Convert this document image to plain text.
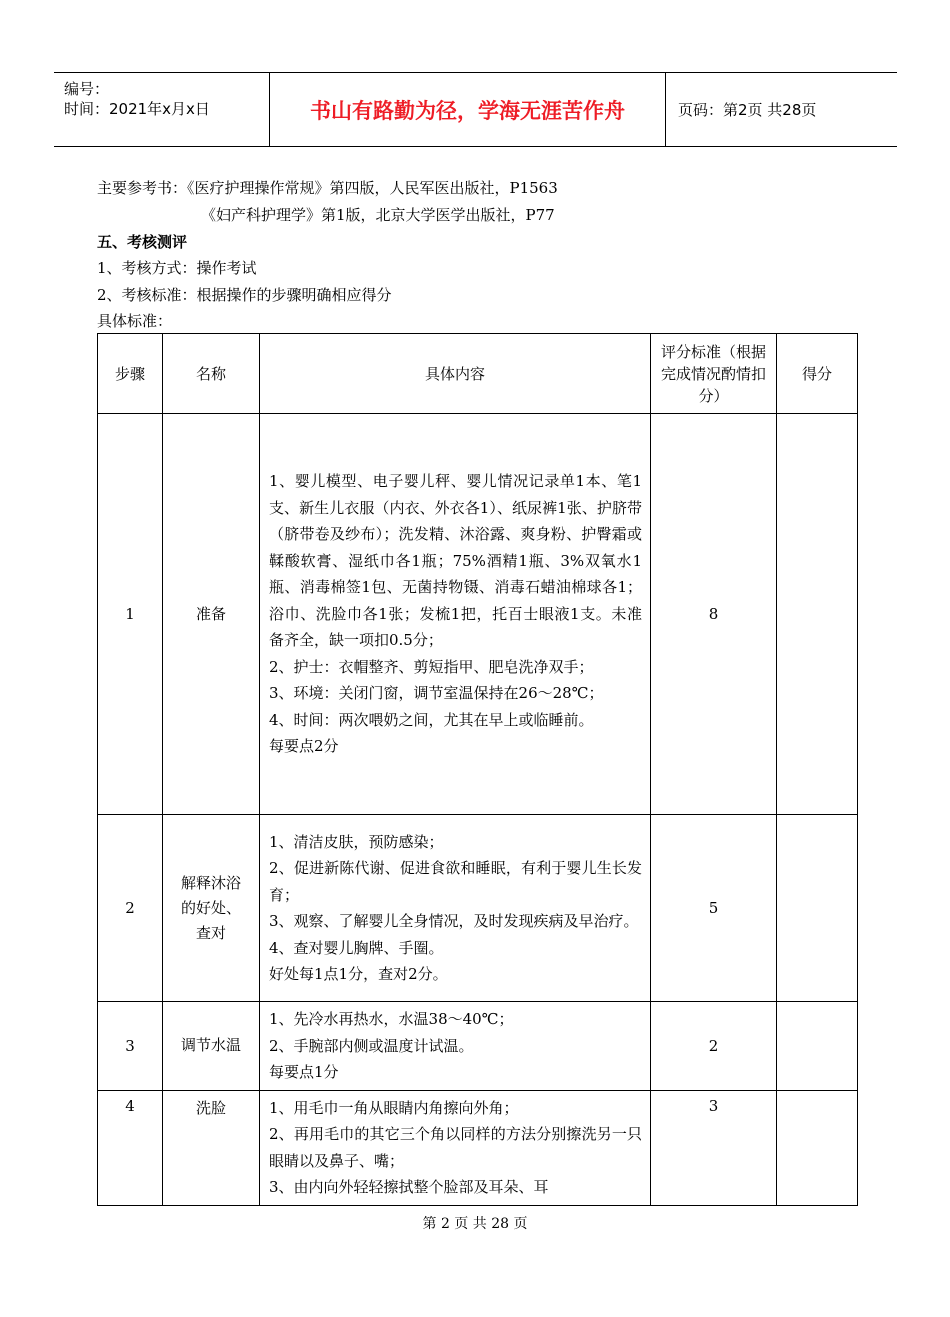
编号：
时间：2021年x月x日	书山有路勤为径，学海无涯苦作舟	页码：第2页 共28页
主要参考书：《医疗护理操作常规》第四版，人民军医出版社，P1563
《妇产科护理学》第1版，北京大学医学出版社，P77
五、考核测评
1、考核方式：操作考试
2、考核标准：根据操作的步骤明确相应得分
具体标准：
步骤	名称	具体内容	评分标准（根据完成情况酌情扣分）	得分
1	准备	1、婴儿模型、电子婴儿秤、婴儿情况记录单1本、笔1支、新生儿衣服（内衣、外衣各1）、纸尿裤1张、护脐带（脐带卷及纱布）；洗发精、沐浴露、爽身粉、护臀霜或鞣酸软膏、湿纸巾各1瓶；75%酒精1瓶、3%双氧水1瓶、消毒棉签1包、无菌持物镊、消毒石蜡油棉球各1；浴巾、洗脸巾各1张；发梳1把，托百士眼液1支。未准备齐全，缺一项扣0.5分；
2、护士：衣帽整齐、剪短指甲、肥皂洗净双手；
3、环境：关闭门窗，调节室温保持在26～28℃；
4、时间：两次喂奶之间，尤其在早上或临睡前。
每要点2分	8	
2	解释沐浴的好处、查对	1、清洁皮肤，预防感染；
2、促进新陈代谢、促进食欲和睡眠，有利于婴儿生长发育；
3、观察、了解婴儿全身情况，及时发现疾病及早治疗。
4、查对婴儿胸牌、手圈。
好处每1点1分，查对2分。	5	
3	调节水温	1、先冷水再热水，水温38～40℃；
2、手腕部内侧或温度计试温。
每要点1分	2	
4	洗脸	1、用毛巾一角从眼睛内角擦向外角；
2、再用毛巾的其它三个角以同样的方法分别擦洗另一只眼睛以及鼻子、嘴；
3、由内向外轻轻擦拭整个脸部及耳朵、耳	3	
第 2 页 共 28 页
